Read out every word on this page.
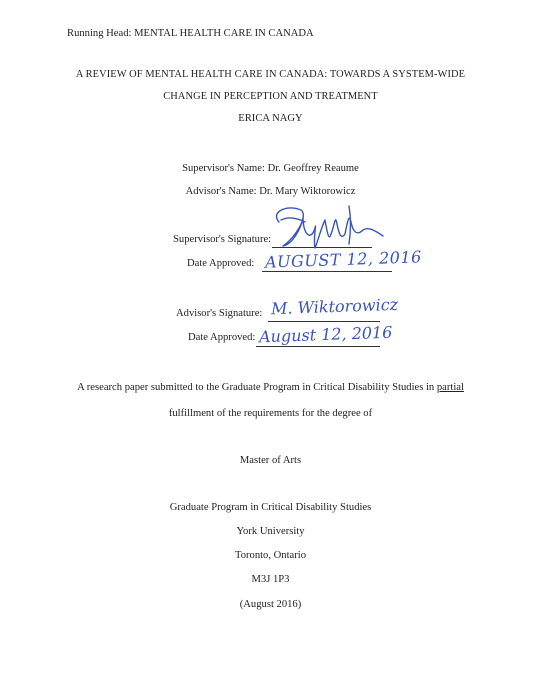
Running Head: MENTAL HEALTH CARE IN CANADA
A REVIEW OF MENTAL HEALTH CARE IN CANADA: TOWARDS A SYSTEM-WIDE
CHANGE IN PERCEPTION AND TREATMENT
ERICA NAGY
Supervisor's Name: Dr. Geoffrey Reaume
Advisor's Name: Dr. Mary Wiktorowicz
Supervisor's Signature:
Date Approved: AUGUST 12, 2016
Advisor's Signature: M. Wiktorowicz
Date Approved: August 12, 2016
A research paper submitted to the Graduate Program in Critical Disability Studies in partial
fulfillment of the requirements for the degree of
Master of Arts
Graduate Program in Critical Disability Studies
York University
Toronto, Ontario
M3J 1P3
(August 2016)
